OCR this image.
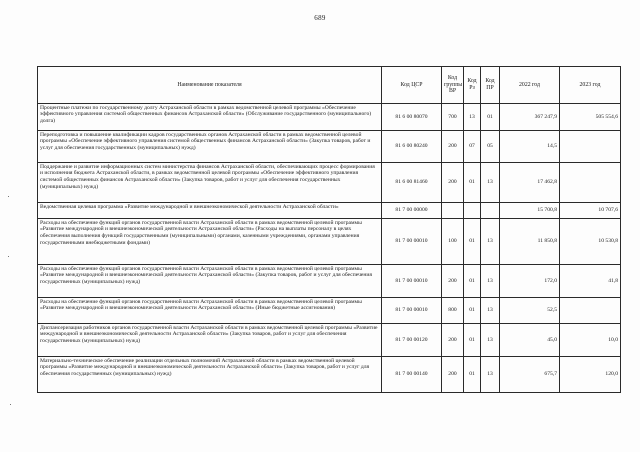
689
Наименование показателя	Код ЦСР	Код группы ВР	Код Рз	Код ПР	2022 год	2023 год
Процентные платежи по государственному долгу Астраханской области в рамках ведомственной целевой программы «Обеспечение эффективного управления системой общественных финансов Астраханской области» (Обслуживание государственного (муниципального) долга)	81 6 00 80070	700	13	01	367 247,9	505 554,6
Переподготовка и повышение квалификации кадров государственных органов Астраханской области в рамках ведомственной целевой программы «Обеспечение эффективного управления системой общественных финансов Астраханской области» (Закупка товаров, работ и услуг для обеспечения государственных (муниципальных) нужд)	81 6 00 80240	200	07	05	14,5	
Поддержание и развитие информационных систем министерства финансов Астраханской области, обеспечивающих процесс формирования и исполнения бюджета Астраханской области, в рамках ведомственной целевой программы «Обеспечение эффективного управления системой общественных финансов Астраханской области» (Закупка товаров, работ и услуг для обеспечения государственных (муниципальных) нужд)	81 6 00 81460	200	01	13	17 462,8	
Ведомственная целевая программа «Развитие международной и внешнеэкономической деятельности Астраханской области»	81 7 00 00000				15 700,8	10 707,6
Расходы на обеспечение функций органов государственной власти Астраханской области в рамках ведомственной целевой программы «Развитие международной и внешнеэкономической деятельности Астраханской области» (Расходы на выплаты персоналу в целях обеспечения выполнения функций государственными (муниципальными) органами, казенными учреждениями, органами управления государственными внебюджетными фондами)	81 7 00 00010	100	01	13	11 850,8	10 530,8
Расходы на обеспечение функций органов государственной власти Астраханской области в рамках ведомственной целевой программы «Развитие международной и внешнеэкономической деятельности Астраханской области» (Закупка товаров, работ и услуг для обеспечения государственных (муниципальных) нужд)	81 7 00 00010	200	01	13	172,0	41,8
Расходы на обеспечение функций органов государственной власти Астраханской области в рамках ведомственной целевой программы «Развитие международной и внешнеэкономической деятельности Астраханской области» (Иные бюджетные ассигнования)	81 7 00 00010	800	01	13	52,5	
Диспансеризация работников органов государственной власти Астраханской области в рамках ведомственной целевой программы «Развитие международной и внешнеэкономической деятельности Астраханской области» (Закупка товаров, работ и услуг для обеспечения государственных (муниципальных) нужд)	81 7 00 00120	200	01	13	45,0	10,0
Материально-техническое обеспечение реализации отдельных полномочий Астраханской области в рамках ведомственной целевой программы «Развитие международной и внешнеэкономической деятельности Астраханской области» (Закупка товаров, работ и услуг для обеспечения государственных (муниципальных) нужд)	81 7 00 00140	200	01	13	675,7	120,0
